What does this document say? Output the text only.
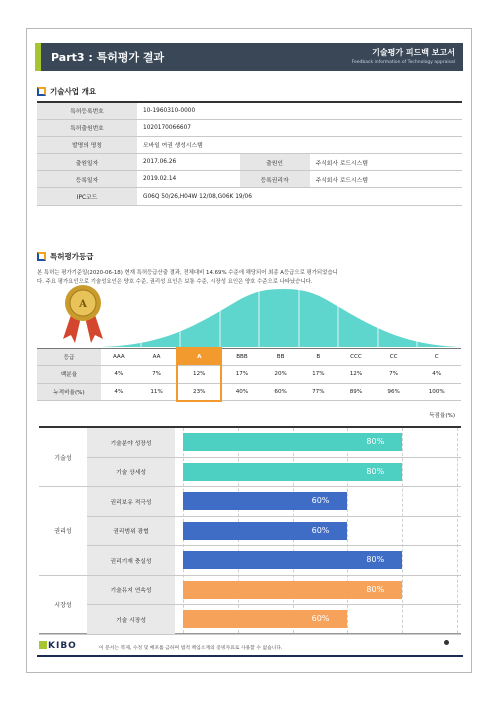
Part3 : 특허평가 결과	기술평가 피드백 보고서
Feedback information of Technology appraisal
기술사업 개요
특허등록번호	10-1960310-0000		
특허출원번호	1020170066607		
발명의 명칭	모바일 여권 생성시스템		
출원일자	2017.06.26	출원인	주식회사 로드시스템
등록일자	2019.02.14	등록권리자	주식회사 로드시스템
IPC코드	G06Q 50/26,H04W 12/08,G06K 19/06		
특허평가등급
본 특허는 평가기준일(2020-06-18) 현재 특허등급산출 결과, 전체대비 14.69% 수준에 해당되어 최종 A등급으로 평가되었습니
다. 주요 평가요인으로 기술성요인은 양호 수준, 권리성 요인은 보통 수준, 시장성 요인은 양호 수준으로 나타났습니다.
A
등급	AAA	AA	A	BBB	BB	B	CCC	CC	C
백분율	4%	7%	12%	17%	20%	17%	12%	7%	4%
누적비율(%)	4%	11%	23%	40%	60%	77%	89%	96%	100%
득점율(%)
기술성
기술분야 성장성	80%
기술 상세성	80%
권리성
권리보유 적극성	60%
권리범위 광협	60%
권리기재 충실성	80%
시장성
기술유지 연속성	80%
기술 시장성	60%
KIBO	이 문서는 복제, 수정 및 배포를 금하며 법적 책임소재의 증빙자료로 사용할 수 없습니다.
